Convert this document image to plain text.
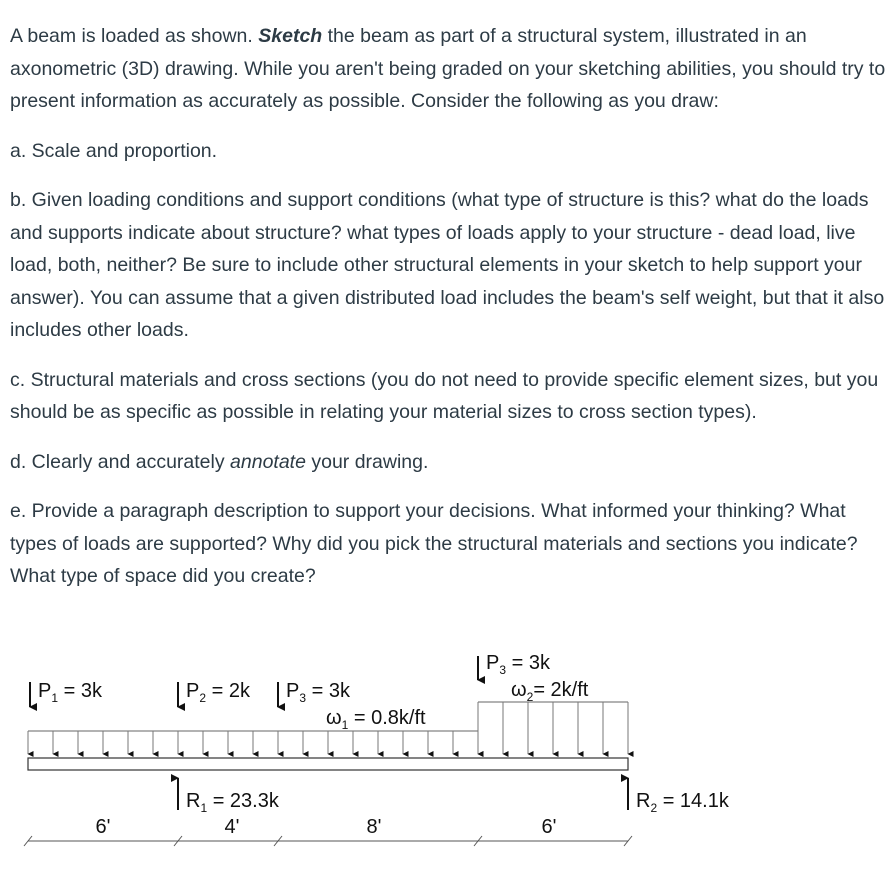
A beam is loaded as shown. Sketch the beam as part of a structural system, illustrated in an axonometric (3D) drawing. While you aren't being graded on your sketching abilities, you should try to present information as accurately as possible. Consider the following as you draw:

a. Scale and proportion.

b. Given loading conditions and support conditions (what type of structure is this? what do the loads and supports indicate about structure? what types of loads apply to your structure - dead load, live load, both, neither? Be sure to include other structural elements in your sketch to help support your answer). You can assume that a given distributed load includes the beam's self weight, but that it also includes other loads.

c. Structural materials and cross sections (you do not need to provide specific element sizes, but you should be as specific as possible in relating your material sizes to cross section types).

d. Clearly and accurately annotate your drawing.

e. Provide a paragraph description to support your decisions. What informed your thinking? What types of loads are supported? Why did you pick the structural materials and sections you indicate? What type of space did you create?

$P_1 = 3k$	$P_2 = 2k$ $P_3 = 3k$
$P_3 = 3k$
$\omega_1 = 0.8k/ft$
$\omega_2= 2k/ft$
$R_1 = 23.3k$	$R_2 = 14.1k$
6'	4'	8'	6'
